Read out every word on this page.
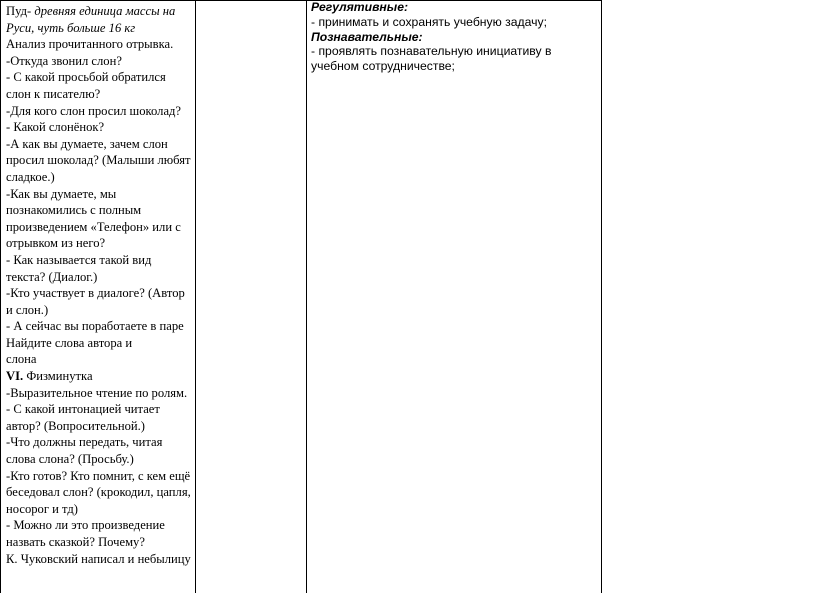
Пуд- древняя единица массы на Руси, чуть больше 16 кг

Анализ прочитанного отрывка.

-Откуда звонил слон?

- С какой просьбой обратился слон к писателю?

-Для кого слон просил шоколад?

- Какой слонёнок?

-А как вы думаете, зачем слон просил шоколад? (Малыши любят

сладкое.)

-Как вы думаете, мы познакомились с полным произведением «Телефон» или с отрывком из него?

- Как называется такой вид текста? (Диалог.)

-Кто участвует в диалоге? (Автор и слон.)

- А сейчас вы поработаете в паре Найдите слова автора и

слона

VI. Физминутка

-Выразительное чтение по ролям.

- С какой интонацией читает автор? (Вопросительной.)

-Что должны передать, читая слова слона? (Просьбу.)

-Кто готов? Кто помнит, с кем ещё беседовал слон? (крокодил, цапля, носорог и тд)

- Можно ли это произведение назвать сказкой? Почему?

К. Чуковский написал и небылицу

Регулятивные:

- принимать и сохранять учебную задачу;

Познавательные:

- проявлять познавательную инициативу в учебном сотрудничестве;
